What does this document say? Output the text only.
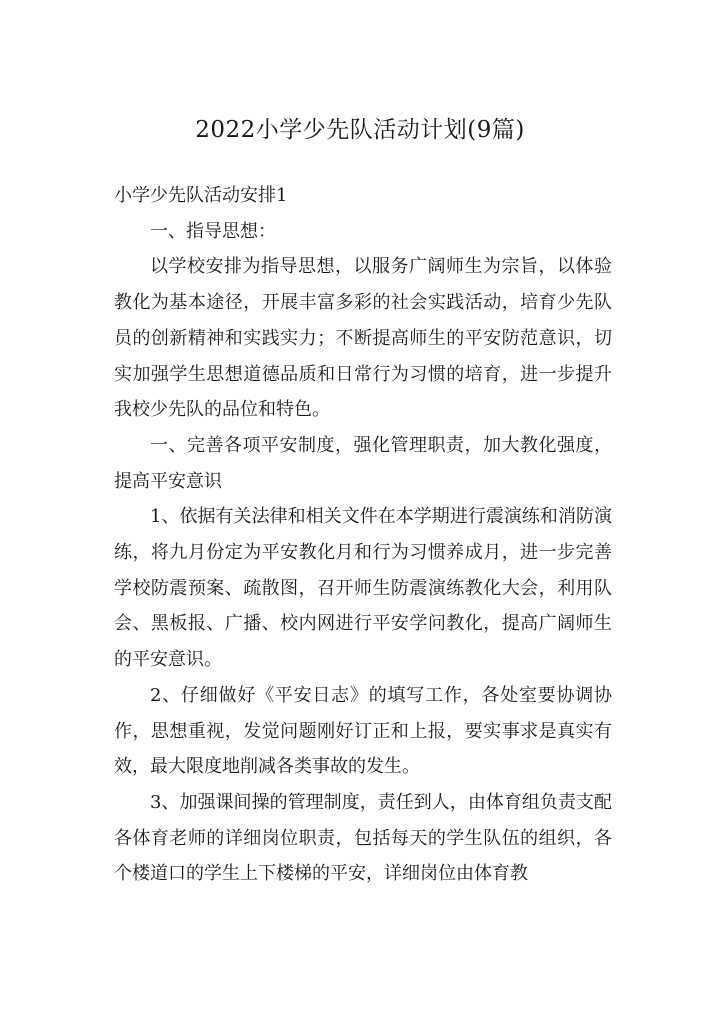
2022小学少先队活动计划(9篇)

小学少先队活动安排1

一、指导思想：

以学校安排为指导思想，以服务广阔师生为宗旨，以体验教化为基本途径，开展丰富多彩的社会实践活动，培育少先队员的创新精神和实践实力；不断提高师生的平安防范意识，切实加强学生思想道德品质和日常行为习惯的培育，进一步提升我校少先队的品位和特色。

一、完善各项平安制度，强化管理职责，加大教化强度，提高平安意识

1、依据有关法律和相关文件在本学期进行震演练和消防演练，将九月份定为平安教化月和行为习惯养成月，进一步完善学校防震预案、疏散图，召开师生防震演练教化大会，利用队会、黑板报、广播、校内网进行平安学问教化，提高广阔师生的平安意识。

2、仔细做好《平安日志》的填写工作，各处室要协调协作，思想重视，发觉问题刚好订正和上报，要实事求是真实有效，最大限度地削减各类事故的发生。

3、加强课间操的管理制度，责任到人，由体育组负责支配各体育老师的详细岗位职责，包括每天的学生队伍的组织，各个楼道口的学生上下楼梯的平安，详细岗位由体育教
